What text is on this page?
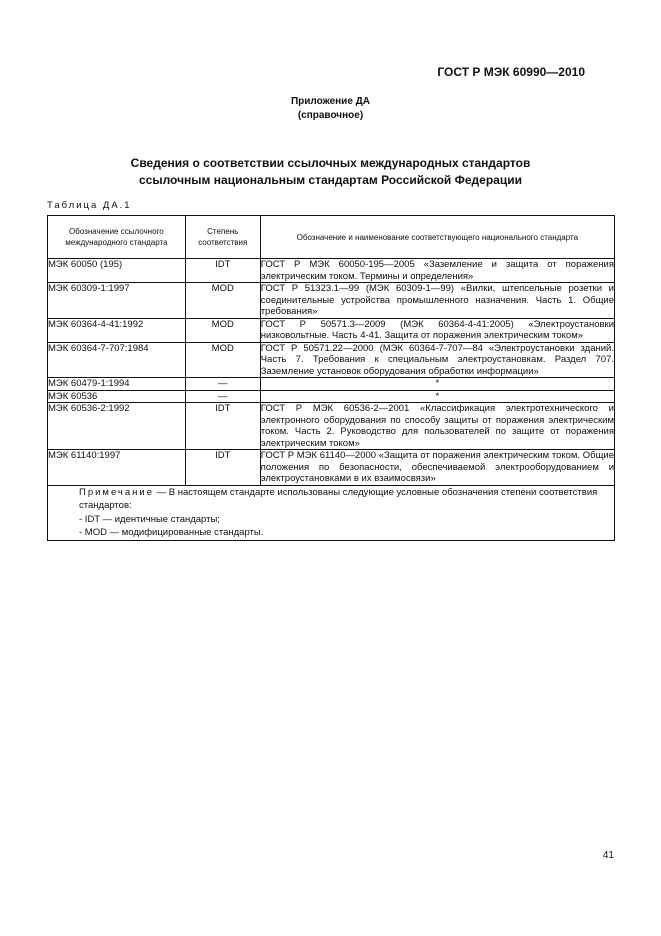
ГОСТ Р МЭК 60990—2010
Приложение ДА
(справочное)
Сведения о соответствии ссылочных международных стандартов
ссылочным национальным стандартам Российской Федерации
Таблица ДА.1
Обозначение ссылочного международного стандарта	Степень соответствия	Обозначение и наименование соответствующего национального стандарта
МЭК 60050 (195)	IDT	ГОСТ Р МЭК 60050-195—2005 «Заземление и защита от поражения электрическим током. Термины и определения»
МЭК 60309-1:1997	MOD	ГОСТ Р 51323.1—99 (МЭК 60309-1—99) «Вилки, штепсельные розетки и соединительные устройства промышленного назначения. Часть 1. Общие требования»
МЭК 60364-4-41:1992	MOD	ГОСТ Р 50571.3—2009 (МЭК 60364-4-41:2005) «Электроустановки низковольтные. Часть 4-41. Защита от поражения электрическим током»
МЭК 60364-7-707:1984	MOD	ГОСТ Р 50571.22—2000 (МЭК 60364-7-707—84 «Электроустановки зданий. Часть 7. Требования к специальным электроустановкам. Раздел 707. Заземление установок оборудования обработки информации»
МЭК 60479-1:1994	—	*
МЭК 60536	—	*
МЭК 60536-2:1992	IDT	ГОСТ Р МЭК 60536-2—2001 «Классификация электротехнического и электронного оборудования по способу защиты от поражения электрическим током. Часть 2. Руководство для пользователей по защите от поражения электрическим током»
МЭК 61140:1997	IDT	ГОСТ Р МЭК 61140—2000 «Защита от поражения электрическим током. Общие положения по безопасности, обеспечиваемой электрооборудованием и электроустановками в их взаимосвязи»

Примечание — В настоящем стандарте использованы следующие условные обозначения степени соответствия стандартов:
- IDT — идентичные стандарты;
- MOD — модифицированные стандарты.		
41
